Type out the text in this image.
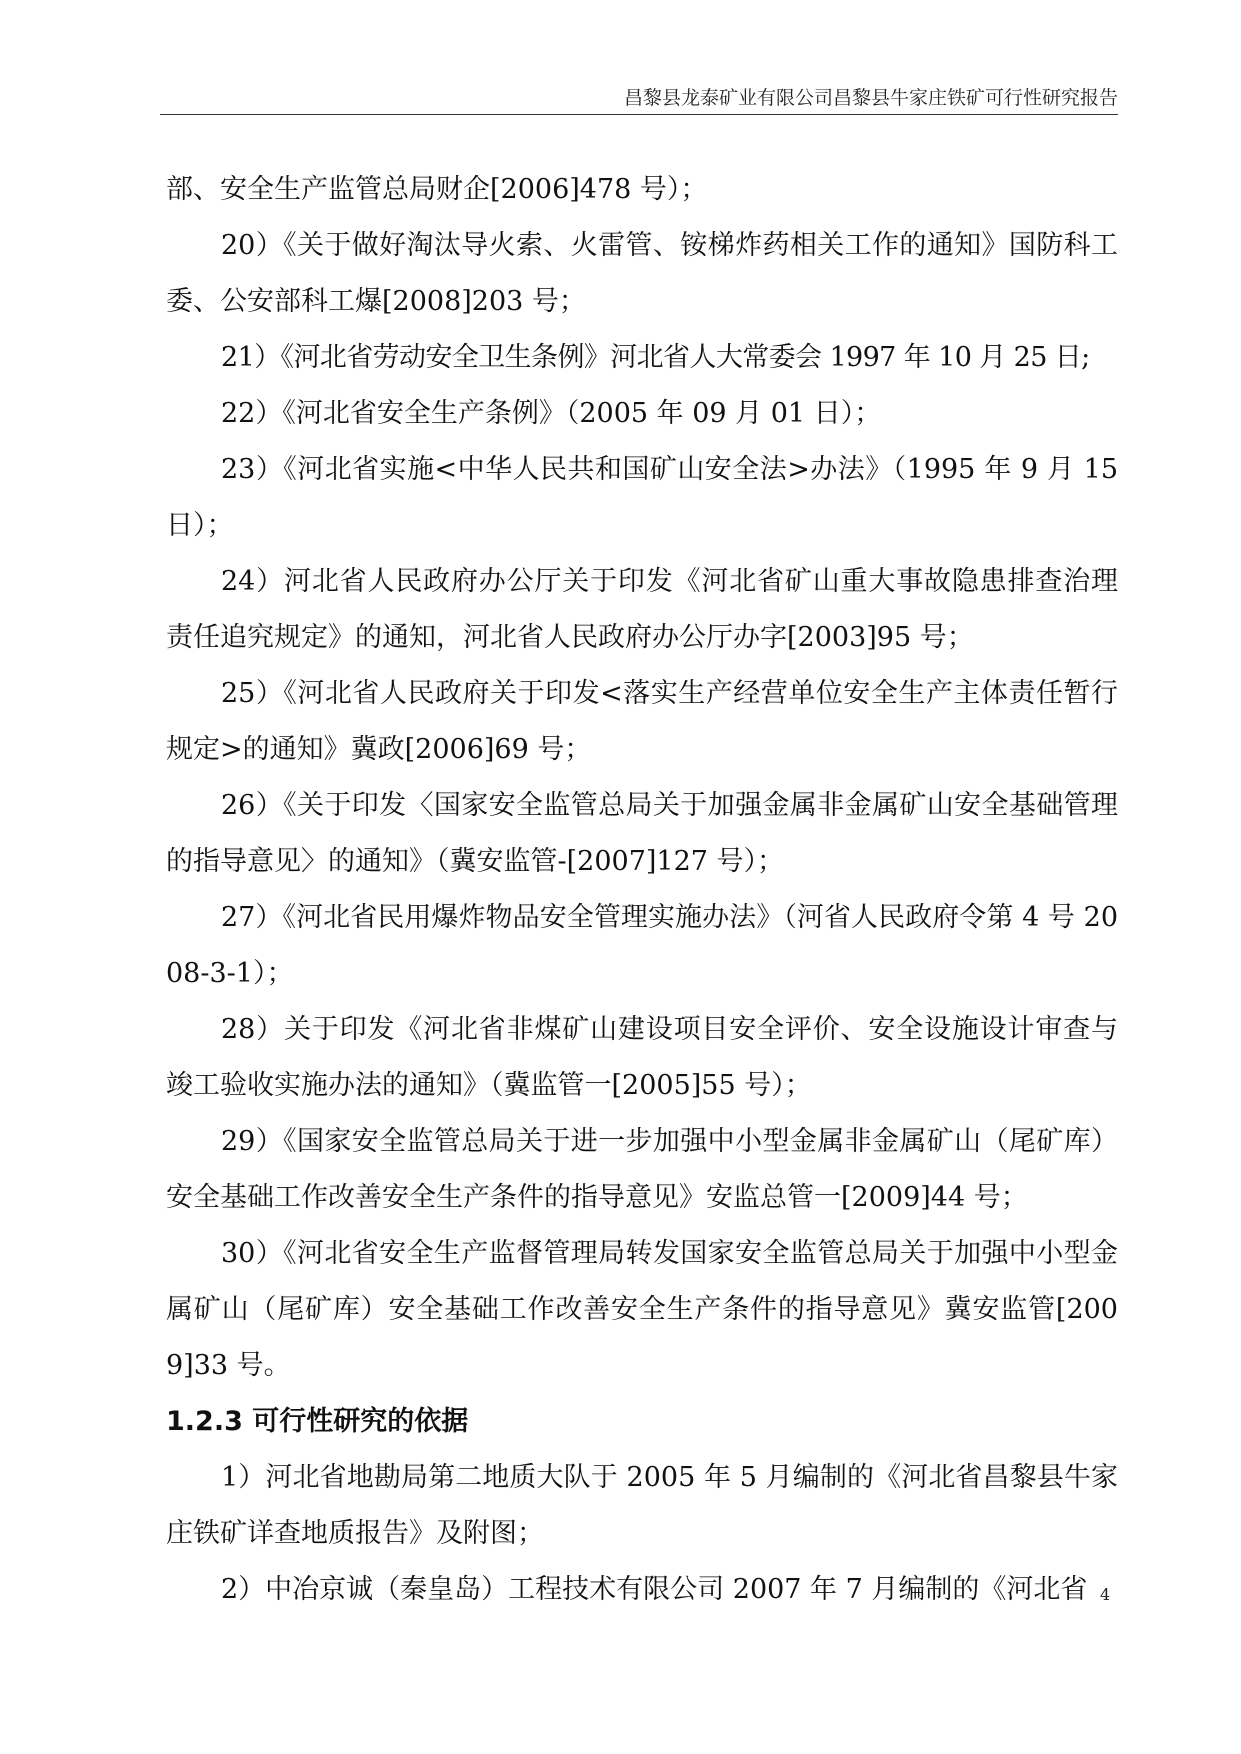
昌黎县龙泰矿业有限公司昌黎县牛家庄铁矿可行性研究报告

部、安全生产监管总局财企[2006]478 号）；

20）《关于做好淘汰导火索、火雷管、铵梯炸药相关工作的通知》国防科工委、公安部科工爆[2008]203 号；

21）《河北省劳动安全卫生条例》河北省人大常委会 1997 年 10 月 25 日;

22）《河北省安全生产条例》（2005 年 09 月 01 日）；

23）《河北省实施<中华人民共和国矿山安全法>办法》（1995 年 9 月 15 日）；

24）河北省人民政府办公厅关于印发《河北省矿山重大事故隐患排查治理责任追究规定》的通知，河北省人民政府办公厅办字[2003]95 号；

25）《河北省人民政府关于印发<落实生产经营单位安全生产主体责任暂行规定>的通知》冀政[2006]69 号；

26）《关于印发〈国家安全监管总局关于加强金属非金属矿山安全基础管理的指导意见〉的通知》（冀安监管-[2007]127 号）；

27）《河北省民用爆炸物品安全管理实施办法》（河省人民政府令第 4 号 2008-3-1）；

28）关于印发《河北省非煤矿山建设项目安全评价、安全设施设计审查与竣工验收实施办法的通知》（冀监管一[2005]55 号）；

29）《国家安全监管总局关于进一步加强中小型金属非金属矿山（尾矿库）安全基础工作改善安全生产条件的指导意见》安监总管一[2009]44 号；

30）《河北省安全生产监督管理局转发国家安全监管总局关于加强中小型金属矿山（尾矿库）安全基础工作改善安全生产条件的指导意见》冀安监管[2009]33 号。

1.2.3 可行性研究的依据

1）河北省地勘局第二地质大队于 2005 年 5 月编制的《河北省昌黎县牛家庄铁矿详查地质报告》及附图；

2）中冶京诚（秦皇岛）工程技术有限公司 2007 年 7 月编制的《河北省 4
